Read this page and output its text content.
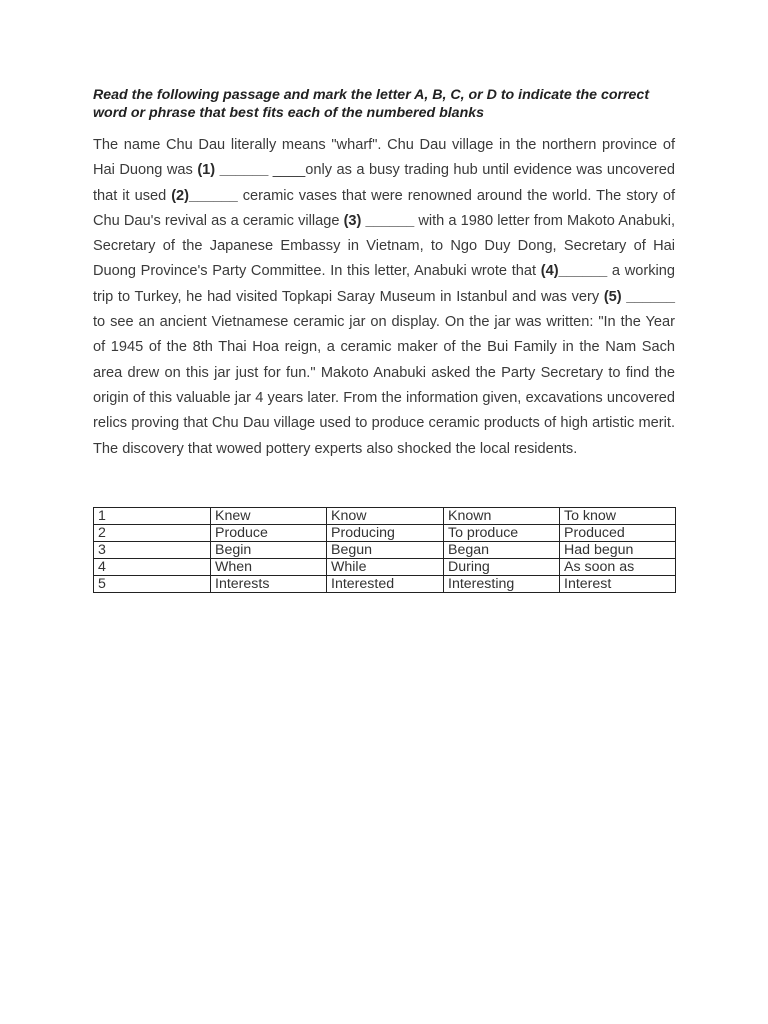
Read the following passage and mark the letter A, B, C, or D to indicate the correct word or phrase that best fits each of the numbered blanks

The name Chu Dau literally means "wharf". Chu Dau village in the northern province of Hai Duong was (1) ______ ____only as a busy trading hub until evidence was uncovered that it used (2)______ ceramic vases that were renowned around the world. The story of Chu Dau's revival as a ceramic village (3) ______ with a 1980 letter from Makoto Anabuki, Secretary of the Japanese Embassy in Vietnam, to Ngo Duy Dong, Secretary of Hai Duong Province's Party Committee. In this letter, Anabuki wrote that (4)______ a working trip to Turkey, he had visited Topkapi Saray Museum in Istanbul and was very (5) ______ to see an ancient Vietnamese ceramic jar on display. On the jar was written: "In the Year of 1945 of the 8th Thai Hoa reign, a ceramic maker of the Bui Family in the Nam Sach area drew on this jar just for fun." Makoto Anabuki asked the Party Secretary to find the origin of this valuable jar 4 years later. From the information given, excavations uncovered relics proving that Chu Dau village used to produce ceramic products of high artistic merit. The discovery that wowed pottery experts also shocked the local residents.

1	Knew	Know	Known	To know
2	Produce	Producing	To produce	Produced
3	Begin	Begun	Began	Had begun
4	When	While	During	As soon as
5	Interests	Interested	Interesting	Interest
